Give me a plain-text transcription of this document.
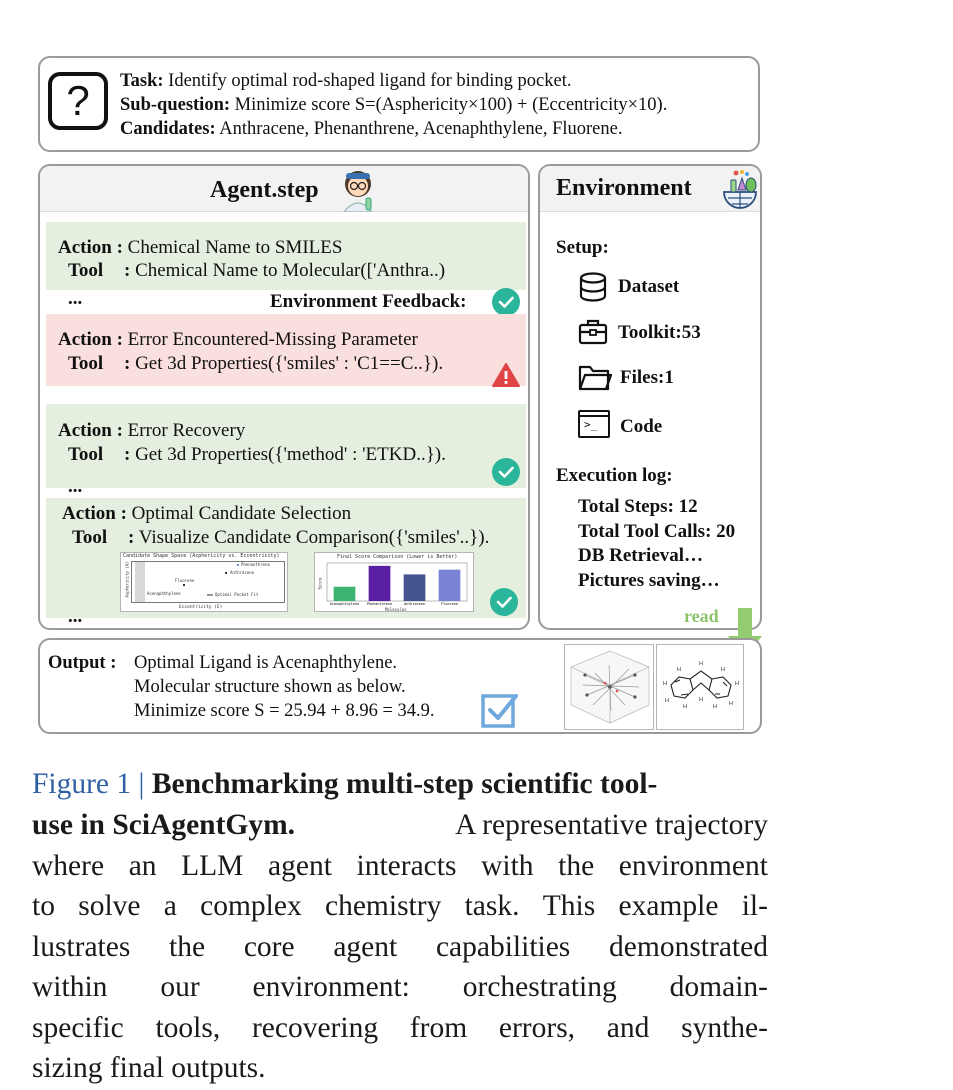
?	Task: Identify optimal rod-shaped ligand for binding pocket.
Sub-question: Minimize score S=(Asphericity×100) + (Eccentricity×10).
Candidates: Anthracene, Phenanthrene, Acenaphthylene, Fluorene.
Agent.step
Action : Chemical Name to SMILES
Tool : Chemical Name to Molecular(['Anthra..)
...	Environment Feedback:
Action : Error Encountered-Missing Parameter
Tool : Get 3d Properties({'smiles' : 'C1==C..}).
Action : Error Recovery
Tool : Get 3d Properties({'method' : 'ETKD..}).
...
Action : Optimal Candidate Selection
Tool : Visualize Candidate Comparison({'smiles'..}).
Candidate Shape Space (Asphericity vs. Eccentricity)
Phenanthrene
Anthracene
Fluorene
Acenaphthylene	Optimal Pocket Fit
Eccentricity (E)
Asphericity (A)
Final Score Comparison (Lower is Better)
Acenaphthylene Phenanthrene	Anthracene	Fluorene
Molecules
Score
...
Environment
Setup:
Dataset
Toolkit:53
Files:1
>_ Code
Execution log:
Total Steps: 12
Total Tool Calls: 20
DB Retrieval…
Pictures saving…
read
Output : Optimal Ligand is Acenaphthylene.
Molecular structure shown as below.
Minimize score S = 25.94 + 8.96 = 34.9.
H
H
H
H
H
H
H
H
H
H
Figure 1 | Benchmarking multi-step scientific tool-
use in SciAgentGym.	A representative trajectory
where an LLM agent interacts with the environment
to solve a complex chemistry task. This example il-
lustrates the core agent capabilities demonstrated
within our environment: orchestrating domain-
specific tools, recovering from errors, and synthe-
sizing final outputs.
